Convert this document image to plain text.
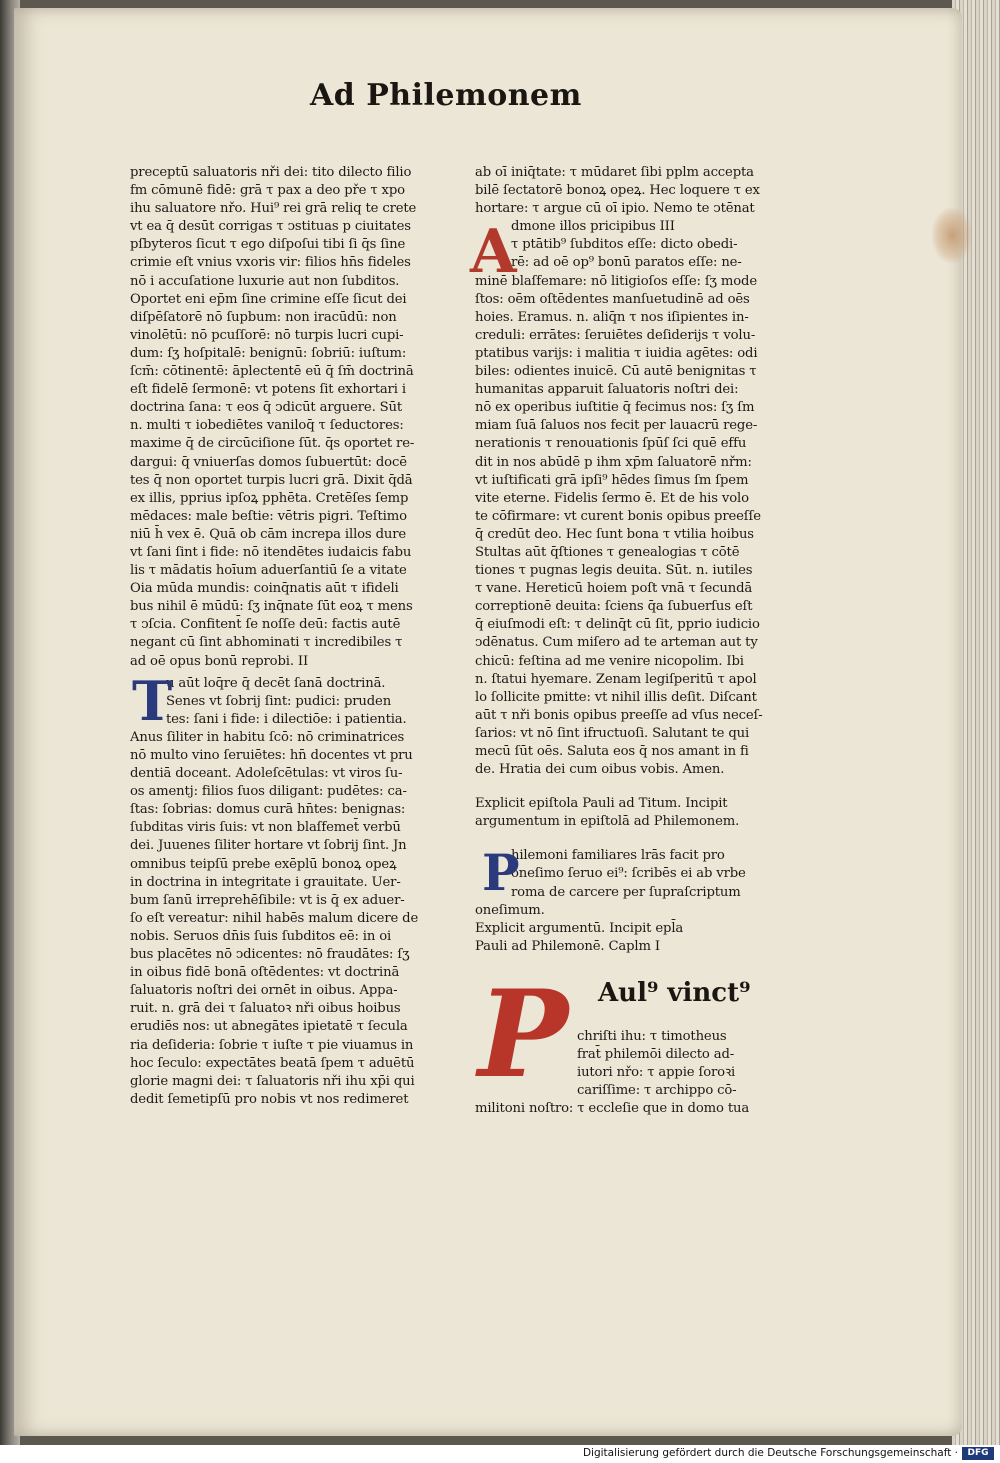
Ad Philemonem
preceptū saluatoris nři dei: tito dilecto filio
fm cōmunē fidē: grā τ pax a deo pře τ xpo
ihu saluatore nřo. Hui⁹ rei grā reliq te crete
vt ea q̄ desūt corrigas τ ↄstituas p ciuitates
pſbyteros ſicut τ ego diſpoſui tibi ſi q̄s ſine
crimie eſt vnius vxoris vir: filios hn̄s fideles
nō i accuſatione luxurie aut non ſubditos.
Oportet eni ep̄m ſine crimine eſſe ſicut dei
diſpēſatorē nō ſupbum: non iracūdū: non
vinolētū: nō pcuſſorē: nō turpis lucri cupi-
dum: ſʒ hoſpitalē: benignū: ſobriū: iuſtum:
ſcm̄: cōtinentē: āplectentē eū q̄ ſm̄ doctrinā
eſt fidelē ſermonē: vt potens ſit exhortari i
doctrina ſana: τ eos q̄ ↄdicūt arguere. Sūt
n. multi τ iobediētes vaniloq̄ τ ſeductores:
maxime q̄ de circūciſione ſūt. q̄s oportet re-
dargui: q̄ vniuerſas domos ſubuertūt: docē
tes q̄ non oportet turpis lucri grā. Dixit q̄dā
ex illis, pprius ipſoꝝ pphēta. Cretēſes ſemp
mēdaces: male beſtie: vētris pigri. Teſtimo
niū h̄ vex ē. Quā ob cām increpa illos dure
vt ſani ſint i fide: nō itendētes iudaicis fabu
lis τ mādatis hoīum aduerſantiū ſe a vitate
Oia mūda mundis: coinq̄natis aūt τ ifideli
bus nihil ē mūdū: ſʒ inq̄nate ſūt eoꝝ τ mens
τ ↄſcia. Confitent̄ ſe noſſe deū: factis autē
negant cū ſint abhominati τ incredibiles τ
ad oē opus bonū reprobi. II
u aūt loq̄re q̄ decēt ſanā doctrinā.
Senes vt ſobrij ſint: pudici: pruden
tes: ſani i fide: i dilectiōe: i patientia.
Anus ſiliter in habitu ſcō: nō criminatrices
nō multo vino ſeruiētes: hn̄ docentes vt pru
dentiā doceant. Adoleſcētulas: vt viros ſu-
os amentj: filios ſuos diligant: pudētes: ca-
ſtas: ſobrias: domus curā hn̄tes: benignas:
ſubditas viris ſuis: vt non blaſfemet̄ verbū
dei. Juuenes ſiliter hortare vt ſobrij ſint. Jn
omnibus teipſū prebe exēplū bonoꝝ opeꝝ
in doctrina in integritate i grauitate. Uer-
bum ſanū irreprehēſibile: vt is q̄ ex aduer-
ſo eſt vereatur: nihil habēs malum dicere de
nobis. Seruos dn̄is ſuis ſubditos eē: in oi
bus placētes nō ↄdicentes: nō fraudātes: ſʒ
in oibus fidē bonā oſtēdentes: vt doctrinā
ſaluatoris noſtri dei ornēt in oibus. Appa-
ruit. n. grā dei τ ſaluatoꝛ nři oibus hoibus
erudiēs nos: ut abnegātes ipietatē τ ſecula
ria deſideria: ſobrie τ iuſte τ pie viuamus in
hoc ſeculo: expectātes beatā ſpem τ aduētū
glorie magni dei: τ ſaluatoris nři ihu xp̄i qui
dedit ſemetipſū pro nobis vt nos redimeret
ab oī iniq̄tate: τ mūdaret ſibi pplm accepta
bilē ſectatorē bonoꝝ opeꝝ. Hec loquere τ ex
hortare: τ argue cū oī ipio. Nemo te ↄtēnat
dmone illos pricipibus III
τ ptātib⁹ ſubditos eſſe: dicto obedi-
rē: ad oē op⁹ bonū paratos eſſe: ne-
minē blaſfemare: nō litigioſos eſſe: ſʒ mode
ſtos: oēm oſtēdentes manſuetudinē ad oēs
hoies. Eramus. n. aliq̄n τ nos iſipientes in-
creduli: errātes: ſeruiētes deſiderijs τ volu-
ptatibus varijs: i malitia τ iuidia agētes: odi
biles: odientes inuicē. Cū autē benignitas τ
humanitas apparuit ſaluatoris noſtri dei:
nō ex operibus iuſtitie q̄ fecimus nos: ſʒ ſm
miam ſuā ſaluos nos fecit per lauacrū rege-
nerationis τ renouationis ſpūſ ſci quē effu
dit in nos abūdē p ihm xp̄m ſaluatorē nřm:
vt iuſtificati grā ipſi⁹ hēdes ſimus ſm ſpem
vite eterne. Fidelis ſermo ē. Et de his volo
te cōfirmare: vt curent bonis opibus preeſſe
q̄ credūt deo. Hec ſunt bona τ vtilia hoibus
Stultas aūt q̄ſtiones τ genealogias τ cōtē
tiones τ pugnas legis deuita. Sūt. n. iutiles
τ vane. Hereticū hoiem poſt vnā τ ſecundā
correptionē deuita: ſciens q̄a ſubuerſus eſt
q̄ eiuſmodi eſt: τ delinq̄t cū ſit, pprio iudicio
ↄdēnatus. Cum miſero ad te arteman aut ty
chicū: feſtina ad me venire nicopolim. Ibi
n. ſtatui hyemare. Zenam legiſperitū τ apol
lo ſollicite pmitte: vt nihil illis deſit. Diſcant
aūt τ nři bonis opibus preeſſe ad vſus neceſ-
ſarios: vt nō ſint ifructuoſi. Salutant te qui
mecū ſūt oēs. Saluta eos q̄ nos amant in fi
de. Hratia dei cum oibus vobis. Amen.
Explicit epiſtola Pauli ad Titum. Incipit
argumentum in epiſtolā ad Philemonem.
hilemoni familiares lrās facit pro
oneſimo ſeruo ei⁹: ſcribēs ei ab vrbe
roma de carcere per ſupraſcriptum
oneſimum.
Explicit argumentū. Incipit epl̄a
Pauli ad Philemonē. Caplm I
chriſti ihu: τ timotheus
frat̄ philemōi dilecto ad-
iutori nřo: τ appie ſoroꝛi
cariſſime: τ archippo cō-
militoni noſtro: τ eccleſie que in domo tua
T
A
P
P Aul⁹ vinct⁹
Digitalisierung gefördert durch die Deutsche Forschungsgemeinschaft ·	DFG
